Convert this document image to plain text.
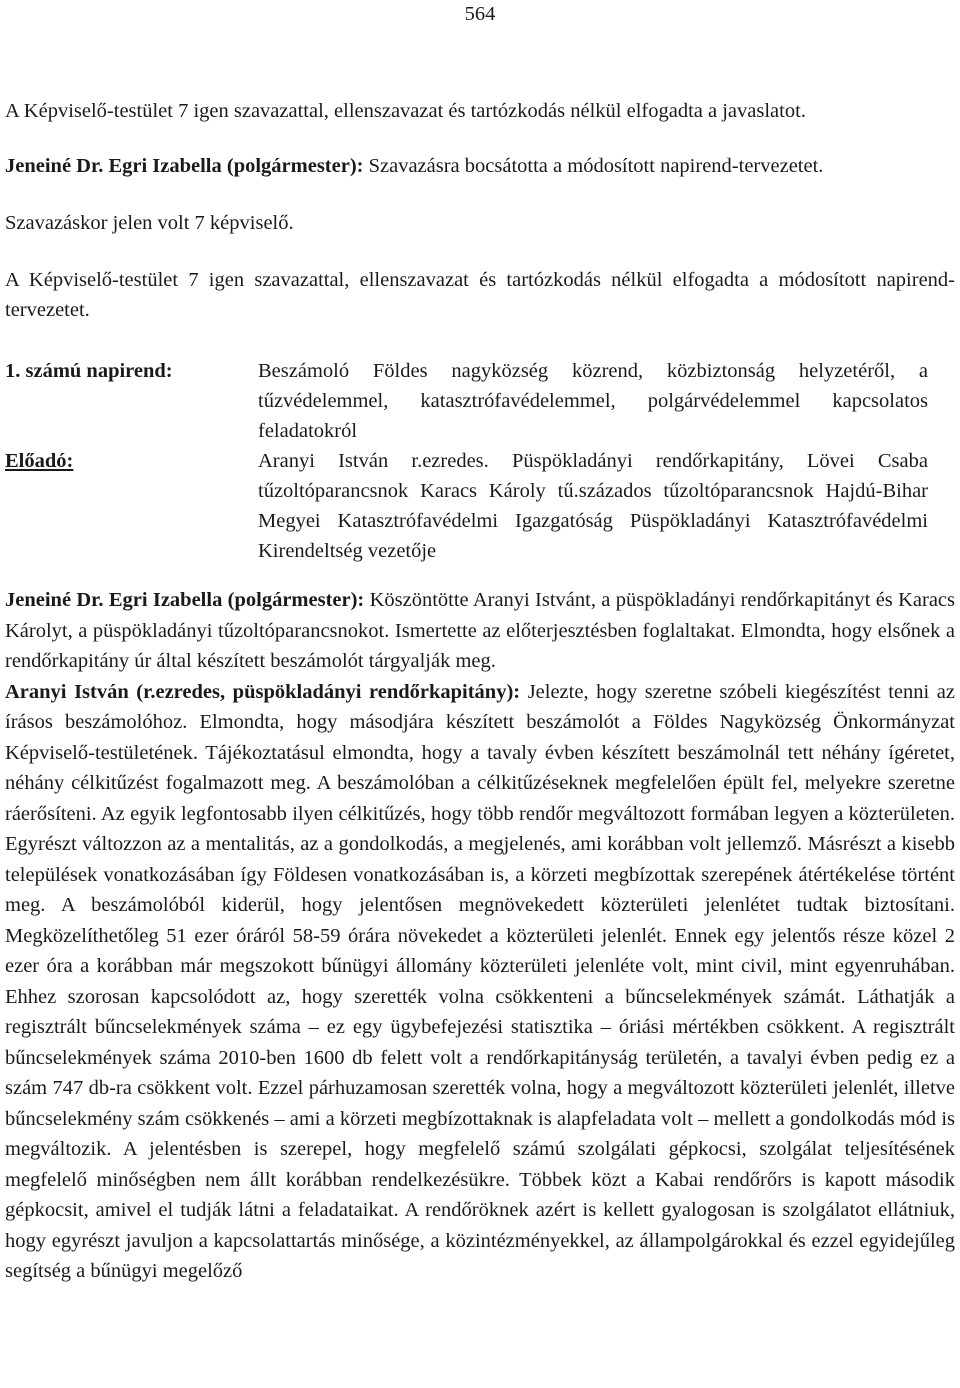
564

A Képviselő-testület 7 igen szavazattal, ellenszavazat és tartózkodás nélkül elfogadta a javaslatot.

Jeneiné Dr. Egri Izabella (polgármester): Szavazásra bocsátotta a módosított napirend-tervezetet.

Szavazáskor jelen volt 7 képviselő.

A Képviselő-testület 7 igen szavazattal, ellenszavazat és tartózkodás nélkül elfogadta a módosított napirend-tervezetet.

1. számú napirend:	Beszámoló Földes nagyközség közrend, közbiztonság helyzetéről, a tűzvédelemmel, katasztrófavédelemmel, polgárvédelemmel kapcsolatos feladatokról
Előadó:	Aranyi István r.ezredes. Püspökladányi rendőrkapitány, Lövei Csaba tűzoltóparancsnok Karacs Károly tű.százados tűzoltóparancsnok Hajdú-Bihar Megyei Katasztrófavédelmi Igazgatóság Püspökladányi Katasztrófavédelmi Kirendeltség vezetője

Jeneiné Dr. Egri Izabella (polgármester): Köszöntötte Aranyi Istvánt, a püspökladányi rendőrkapitányt és Karacs Károlyt, a püspökladányi tűzoltóparancsnokot. Ismertette az előterjesztésben foglaltakat. Elmondta, hogy elsőnek a rendőrkapitány úr által készített beszámolót tárgyalják meg.

Aranyi István (r.ezredes, püspökladányi rendőrkapitány): Jelezte, hogy szeretne szóbeli kiegészítést tenni az írásos beszámolóhoz. Elmondta, hogy másodjára készített beszámolót a Földes Nagyközség Önkormányzat Képviselő-testületének. Tájékoztatásul elmondta, hogy a tavaly évben készített beszámolnál tett néhány ígéretet, néhány célkitűzést fogalmazott meg. A beszámolóban a célkitűzéseknek megfelelően épült fel, melyekre szeretne ráerősíteni. Az egyik legfontosabb ilyen célkitűzés, hogy több rendőr megváltozott formában legyen a közterületen. Egyrészt változzon az a mentalitás, az a gondolkodás, a megjelenés, ami korábban volt jellemző. Másrészt a kisebb települések vonatkozásában így Földesen vonatkozásában is, a körzeti megbízottak szerepének átértékelése történt meg. A beszámolóból kiderül, hogy jelentősen megnövekedett közterületi jelenlétet tudtak biztosítani. Megközelíthetőleg 51 ezer óráról 58-59 órára növekedet a közterületi jelenlét. Ennek egy jelentős része közel 2 ezer óra a korábban már megszokott bűnügyi állomány közterületi jelenléte volt, mint civil, mint egyenruhában. Ehhez szorosan kapcsolódott az, hogy szerették volna csökkenteni a bűncselekmények számát. Láthatják a regisztrált bűncselekmények száma – ez egy ügybefejezési statisztika – óriási mértékben csökkent. A regisztrált bűncselekmények száma 2010-ben 1600 db felett volt a rendőrkapitányság területén, a tavalyi évben pedig ez a szám 747 db-ra csökkent volt. Ezzel párhuzamosan szerették volna, hogy a megváltozott közterületi jelenlét, illetve bűncselekmény szám csökkenés – ami a körzeti megbízottaknak is alapfeladata volt – mellett a gondolkodás mód is megváltozik. A jelentésben is szerepel, hogy megfelelő számú szolgálati gépkocsi, szolgálat teljesítésének megfelelő minőségben nem állt korábban rendelkezésükre. Többek közt a Kabai rendőrőrs is kapott második gépkocsit, amivel el tudják látni a feladataikat. A rendőröknek azért is kellett gyalogosan is szolgálatot ellátniuk, hogy egyrészt javuljon a kapcsolattartás minősége, a közintézményekkel, az állampolgárokkal és ezzel egyidejűleg segítség a bűnügyi megelőző
